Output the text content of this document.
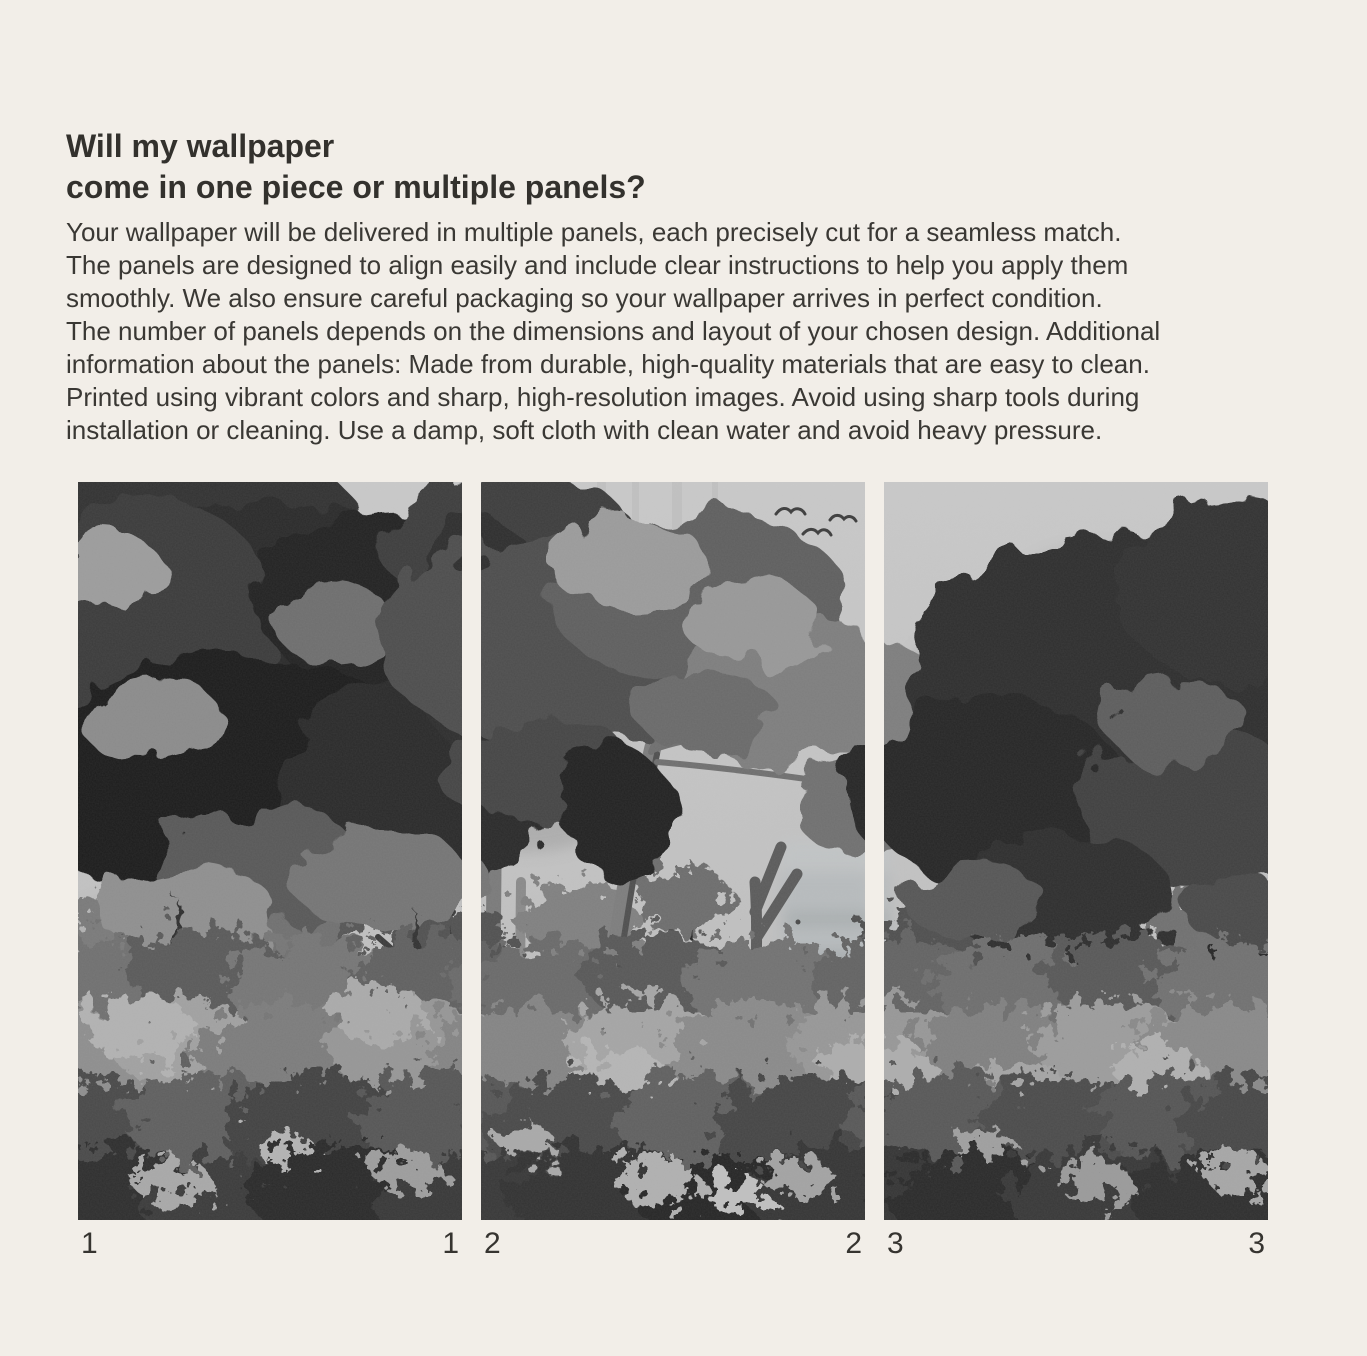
Will my wallpaper
come in one piece or multiple panels?
Your wallpaper will be delivered in multiple panels, each precisely cut for a seamless match.
The panels are designed to align easily and include clear instructions to help you apply them
smoothly. We also ensure careful packaging so your wallpaper arrives in perfect condition.
The number of panels depends on the dimensions and layout of your chosen design. Additional
information about the panels: Made from durable, high-quality materials that are easy to clean.
Printed using vibrant colors and sharp, high-resolution images. Avoid using sharp tools during
installation or cleaning. Use a damp, soft cloth with clean water and avoid heavy pressure.
1	1 2	2 3	3
